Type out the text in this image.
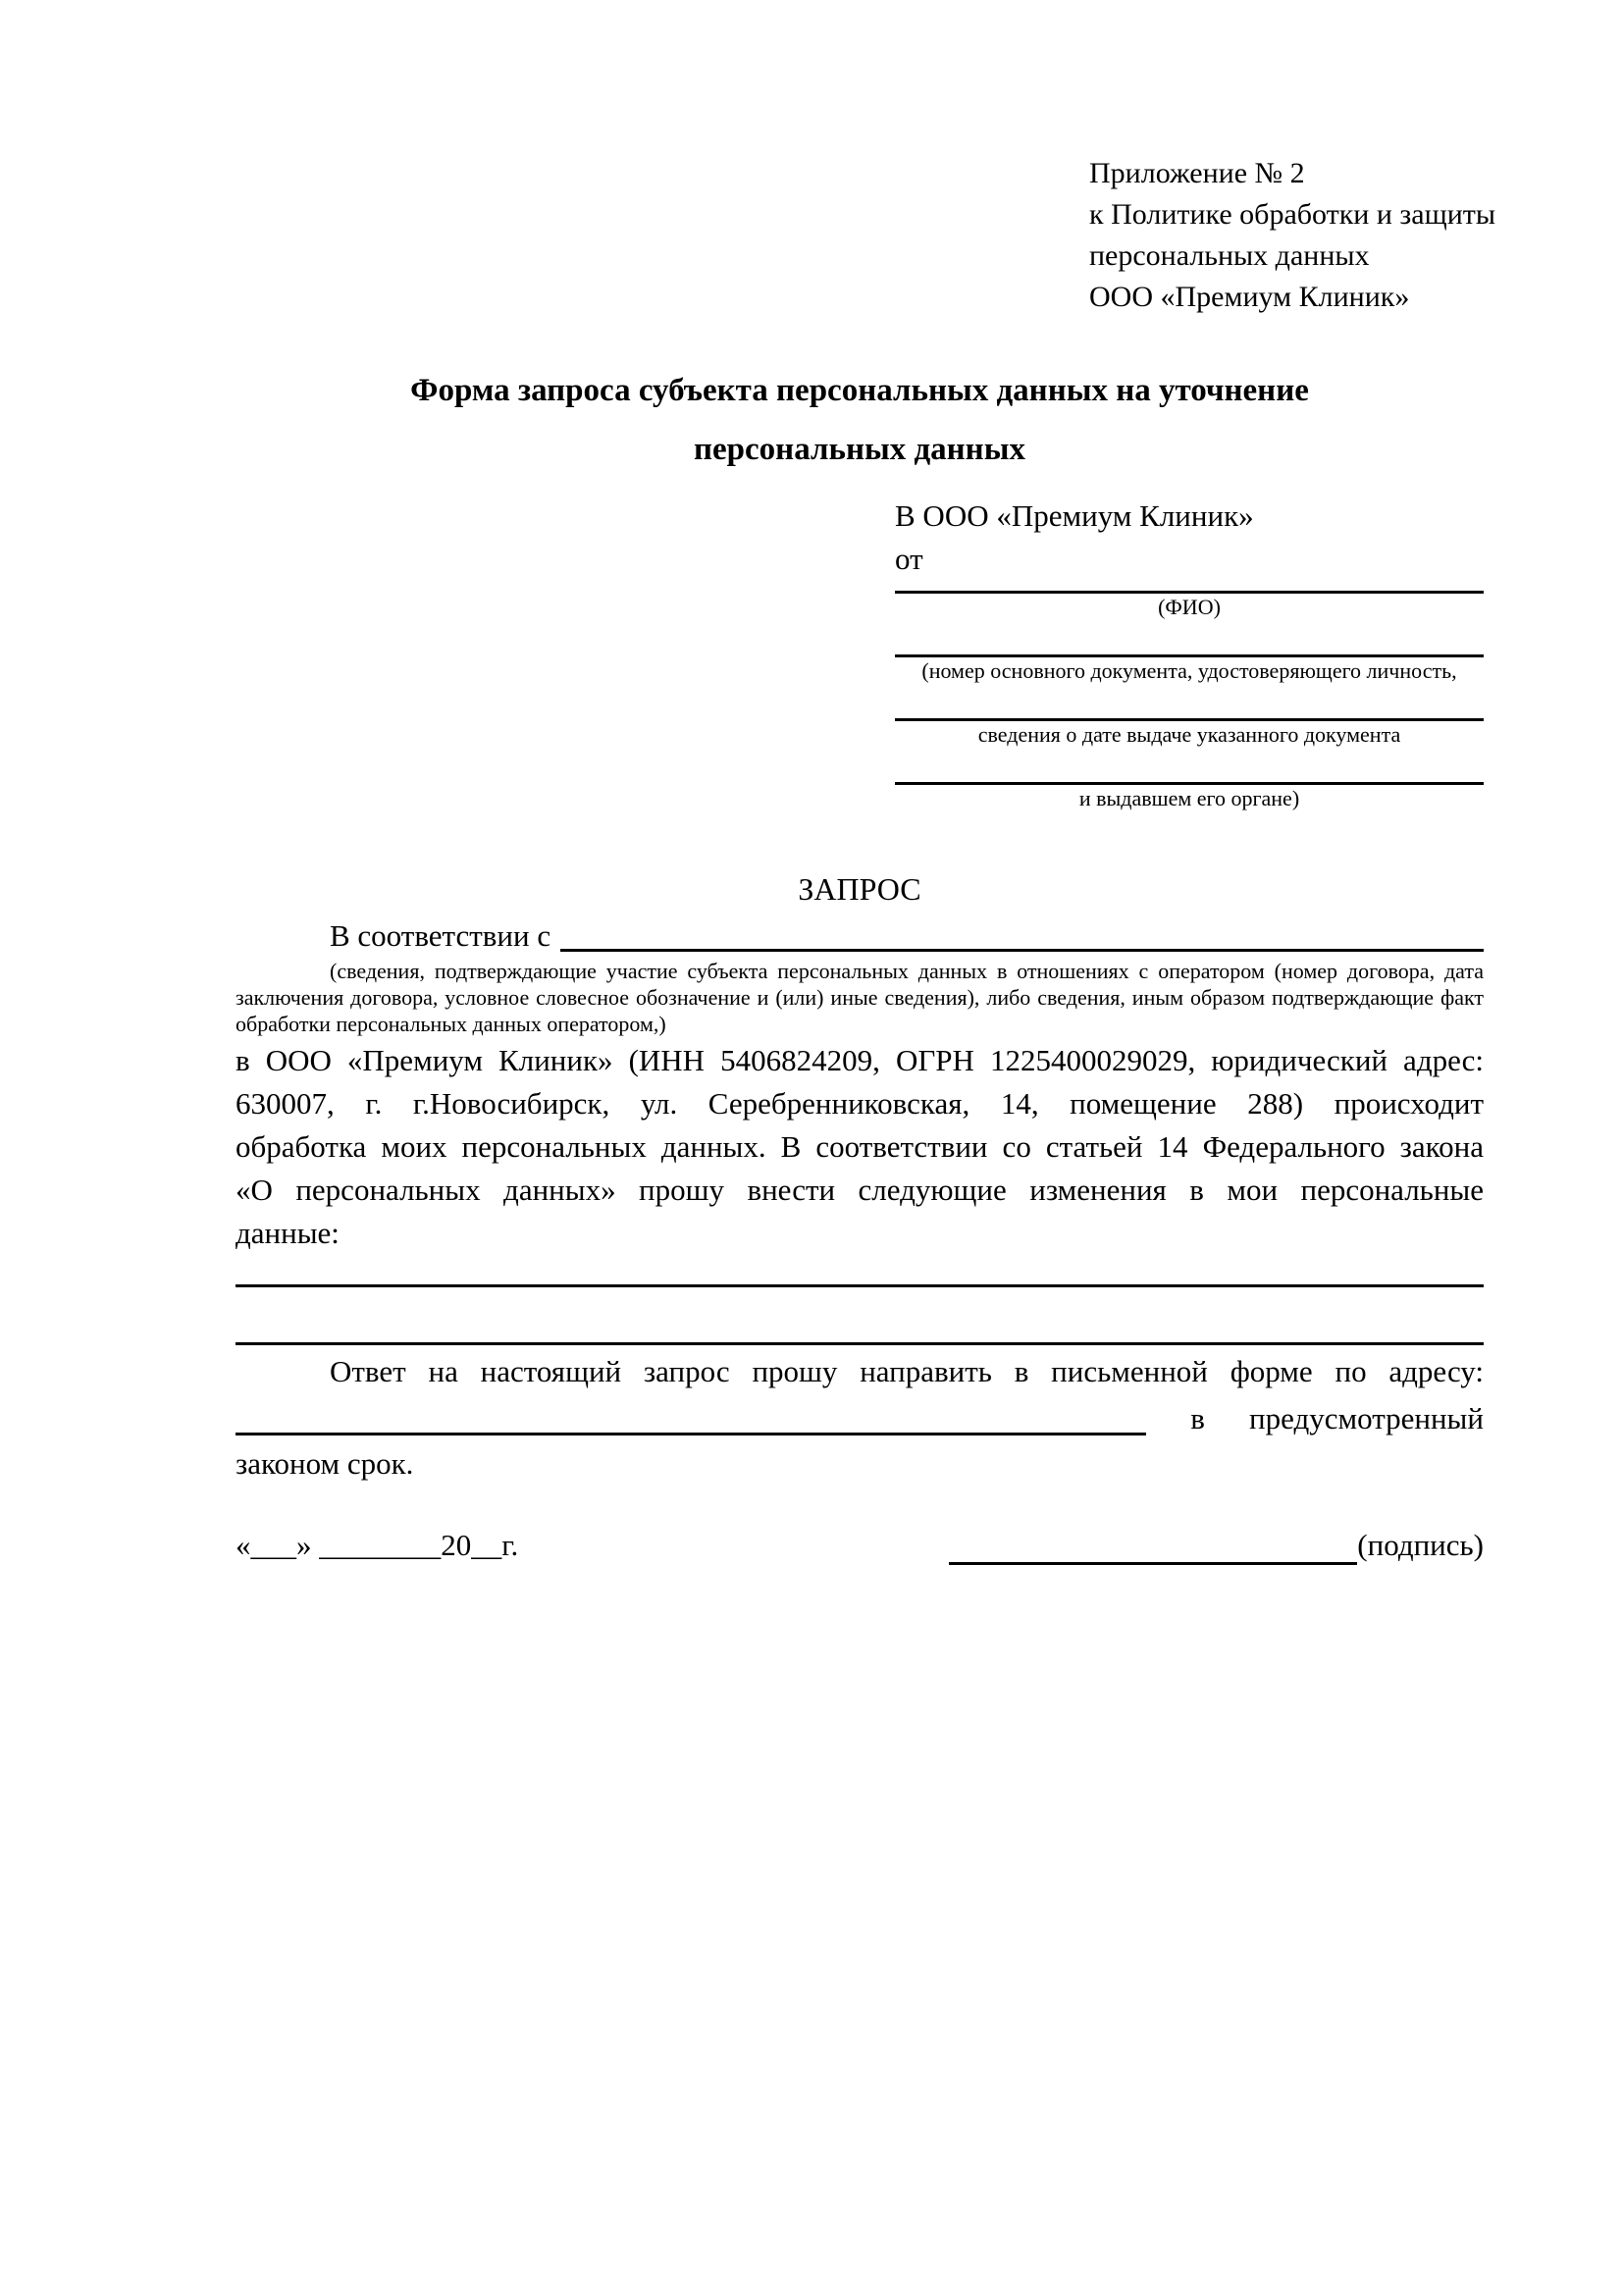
Приложение № 2
к Политике обработки и защиты
персональных данных
ООО «Премиум Клиник»
Форма запроса субъекта персональных данных на уточнение
персональных данных
В ООО «Премиум Клиник»
от
(ФИО)
(номер основного документа, удостоверяющего личность,
сведения о дате выдаче указанного документа
и выдавшем его органе)
ЗАПРОС
В соответствии с

(сведения, подтверждающие участие субъекта персональных данных в отношениях с оператором (номер договора, дата заключения договора, условное словесное обозначение и (или) иные сведения), либо сведения, иным образом подтверждающие факт обработки персональных данных оператором,)

в ООО «Премиум Клиник» (ИНН 5406824209, ОГРН 1225400029029, юридический адрес: 630007, г. г.Новосибирск, ул. Серебренниковская, 14, помещение 288) происходит обработка моих персональных данных. В соответствии со статьей 14 Федерального закона «О персональных данных» прошу внести следующие изменения в мои персональные данные:

Ответ на настоящий запрос прошу направить в письменной форме по адресу:
в предусмотренный
законом срок.
«___» ________20__г.	(подпись)
